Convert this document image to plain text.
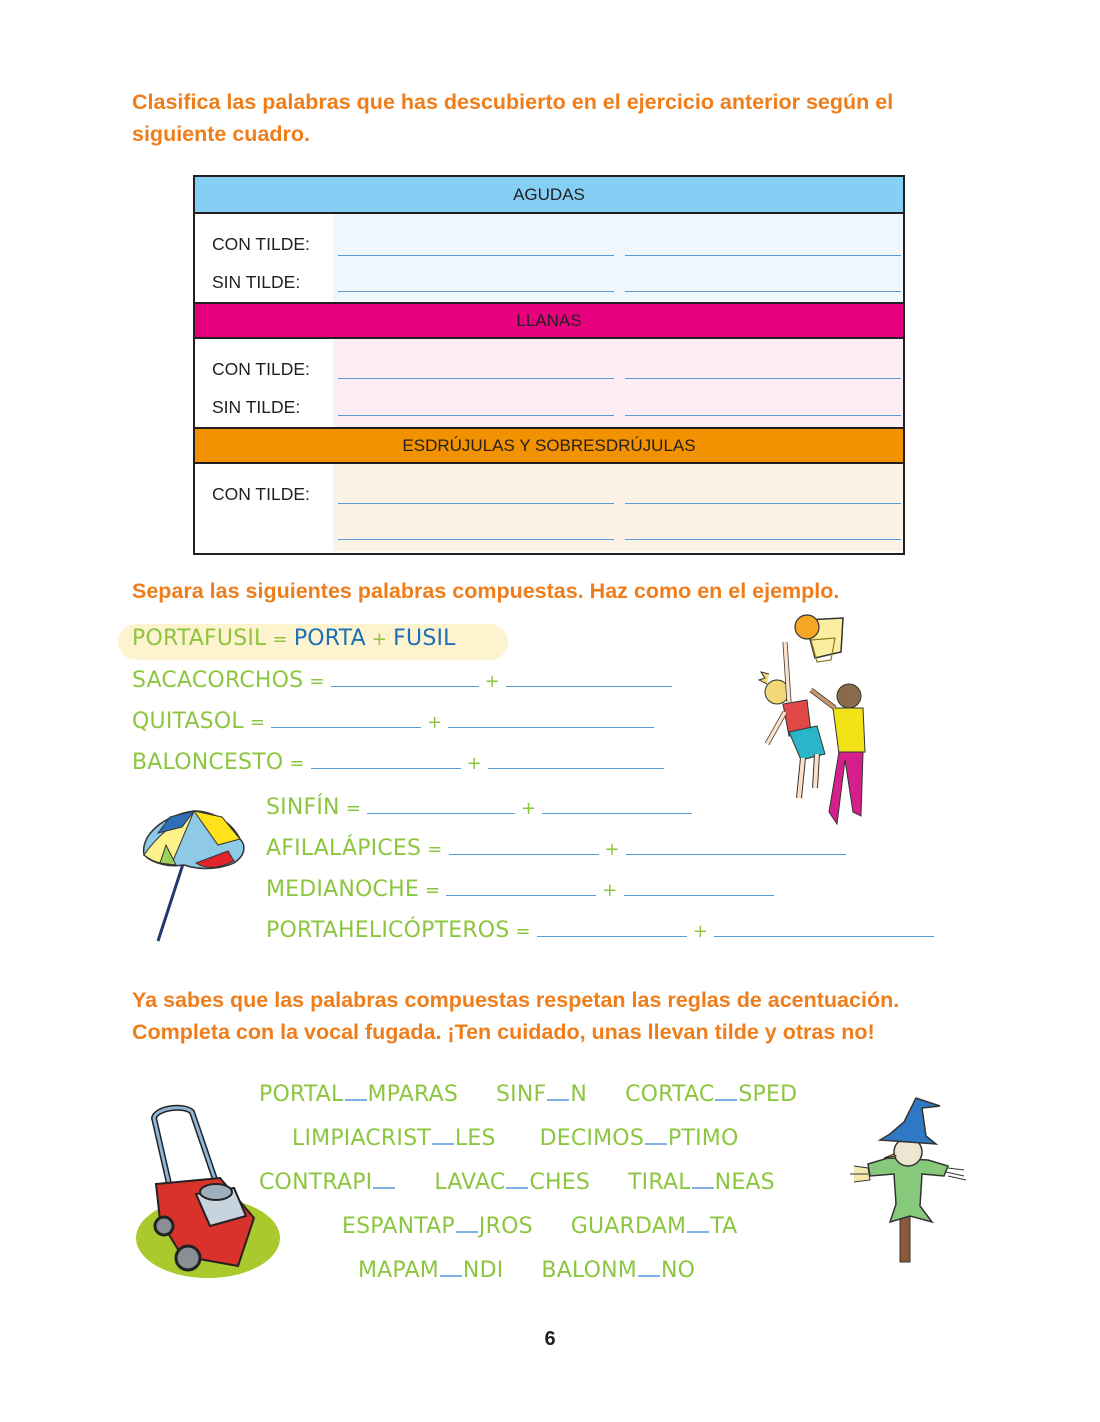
Clasifica las palabras que has descubierto en el ejercicio anterior según el siguiente cuadro.

AGUDAS
CON TILDE:
SIN TILDE:
LLANAS
CON TILDE:
SIN TILDE:
ESDRÚJULAS Y SOBRESDRÚJULAS
CON TILDE:

Separa las siguientes palabras compuestas. Haz como en el ejemplo.

PORTAFUSIL = PORTA + FUSIL
SACACORCHOS =	+
QUITASOL =	+
BALONCESTO =	+
SINFÍN =	+
AFILALÁPICES =	+
MEDIANOCHE =	+
PORTAHELICÓPTEROS =	+

Ya sabes que las palabras compuestas respetan las reglas de acentuación. Completa con la vocal fugada. ¡Ten cuidado, unas llevan tilde y otras no!

PORTAL MPARAS SINF N CORTAC SPED
LIMPIACRIST LES DECIMOS PTIMO
CONTRAPI	LAVAC CHES TIRAL NEAS
ESPANTAP JROS GUARDAM TA
MAPAM NDI BALONM NO
6
